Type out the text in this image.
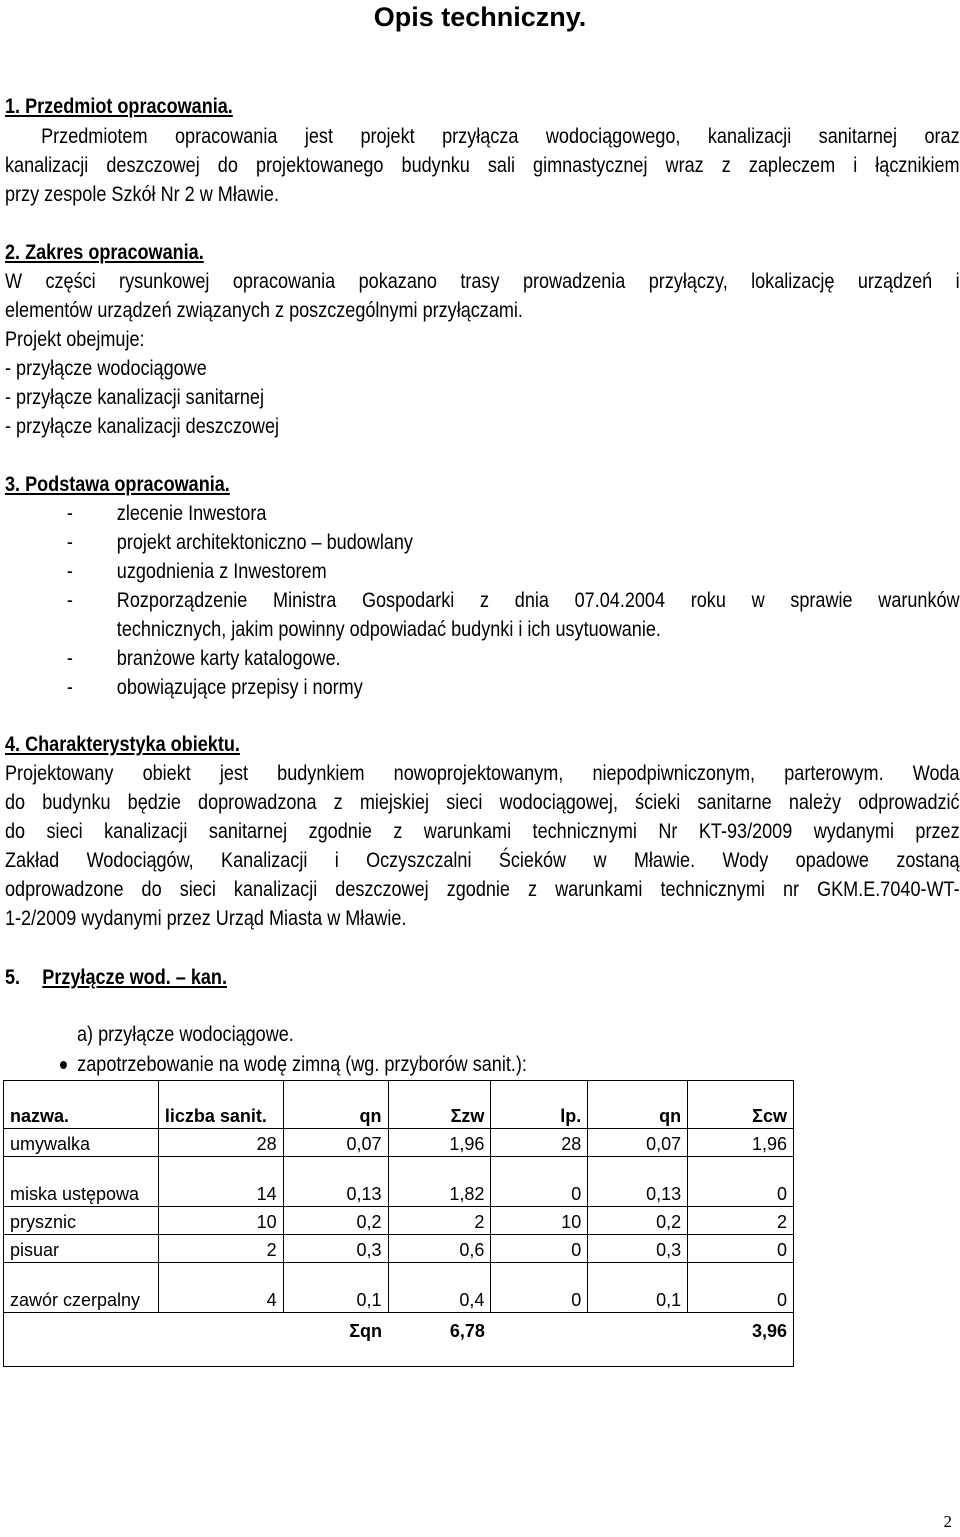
Opis techniczny.
1. Przedmiot opracowania.
Przedmiotem opracowania jest projekt przyłącza wodociągowego, kanalizacji sanitarnej oraz
kanalizacji deszczowej do projektowanego budynku sali gimnastycznej wraz z zapleczem i łącznikiem
przy zespole Szkół Nr 2 w Mławie.
2. Zakres opracowania.
W części rysunkowej opracowania pokazano trasy prowadzenia przyłączy, lokalizację urządzeń i
elementów urządzeń związanych z poszczególnymi przyłączami.
Projekt obejmuje:
- przyłącze wodociągowe
- przyłącze kanalizacji sanitarnej
- przyłącze kanalizacji deszczowej
3. Podstawa opracowania.
- zlecenie Inwestora
- projekt architektoniczno – budowlany
- uzgodnienia z Inwestorem
- Rozporządzenie Ministra Gospodarki z dnia 07.04.2004 roku w sprawie warunków
technicznych, jakim powinny odpowiadać budynki i ich usytuowanie.
- branżowe karty katalogowe.
- obowiązujące przepisy i normy
4. Charakterystyka obiektu.
Projektowany obiekt jest budynkiem nowoprojektowanym, niepodpiwniczonym, parterowym. Woda
do budynku będzie doprowadzona z miejskiej sieci wodociągowej, ścieki sanitarne należy odprowadzić
do sieci kanalizacji sanitarnej zgodnie z warunkami technicznymi Nr KT-93/2009 wydanymi przez
Zakład Wodociągów, Kanalizacji i Oczyszczalni Ścieków w Mławie. Wody opadowe zostaną
odprowadzone do sieci kanalizacji deszczowej zgodnie z warunkami technicznymi nr GKM.E.7040-WT-
1-2/2009 wydanymi przez Urząd Miasta w Mławie.
5. Przyłącze wod. – kan.
a) przyłącze wodociągowe.
zapotrzebowanie na wodę zimną (wg. przyborów sanit.):
nazwa.	liczba sanit.	qn	Σzw	lp.	qn	Σcw
umywalka	28	0,07	1,96	28	0,07	1,96
miska ustępowa	14	0,13	1,82	0	0,13	0
prysznic	10	0,2	2	10	0,2	2
pisuar	2	0,3	0,6	0	0,3	0
zawór czerpalny	4	0,1	0,4	0	0,1	0
		Σqn	6,78			3,96
2
